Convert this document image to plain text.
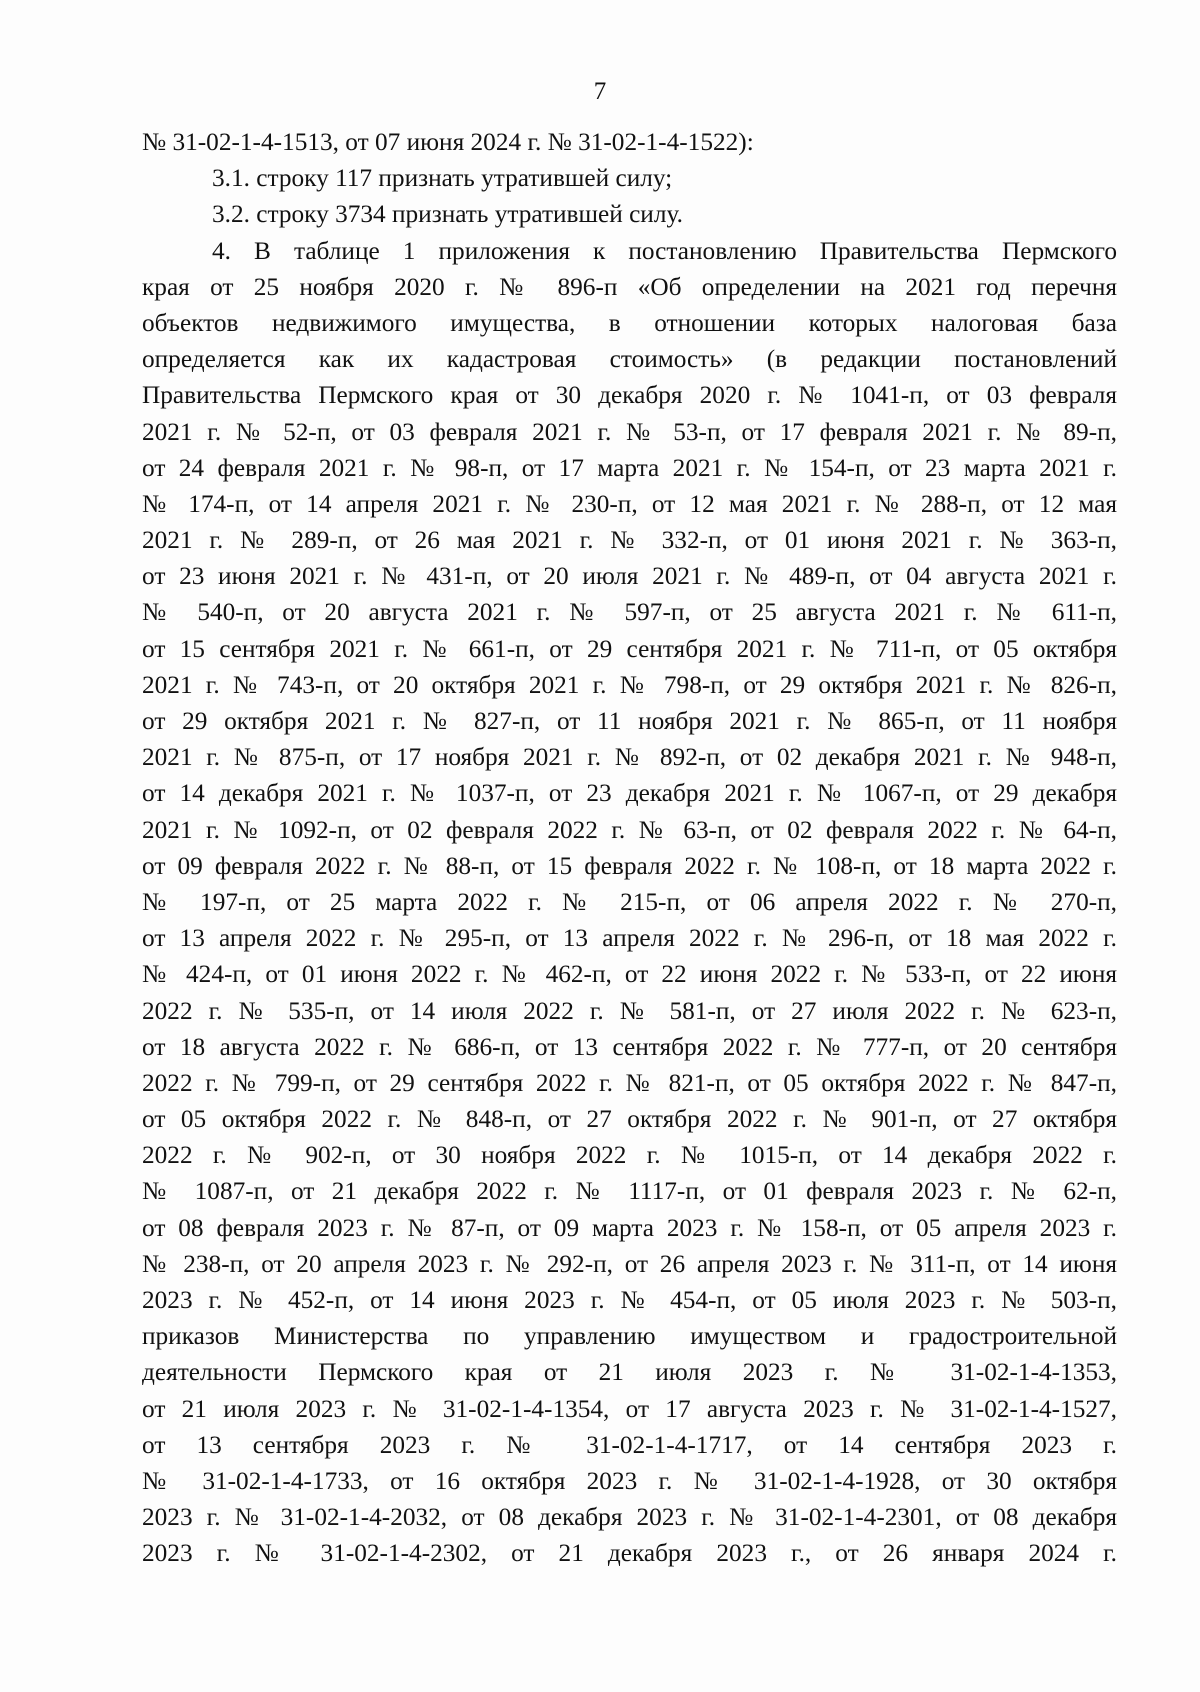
7
№ 31-02-1-4-1513, от 07 июня 2024 г. № 31-02-1-4-1522):
3.1. строку 117 признать утратившей силу;
3.2. строку 3734 признать утратившей силу.
4. В таблице 1 приложения к постановлению Правительства Пермского
края от 25 ноября 2020 г. № 896-п «Об определении на 2021 год перечня
объектов недвижимого имущества, в отношении которых налоговая база
определяется как их кадастровая стоимость» (в редакции постановлений
Правительства Пермского края от 30 декабря 2020 г. № 1041-п, от 03 февраля
2021 г. № 52-п, от 03 февраля 2021 г. № 53-п, от 17 февраля 2021 г. № 89-п,
от 24 февраля 2021 г. № 98-п, от 17 марта 2021 г. № 154-п, от 23 марта 2021 г.
№ 174-п, от 14 апреля 2021 г. № 230-п, от 12 мая 2021 г. № 288-п, от 12 мая
2021 г. № 289-п, от 26 мая 2021 г. № 332-п, от 01 июня 2021 г. № 363-п,
от 23 июня 2021 г. № 431-п, от 20 июля 2021 г. № 489-п, от 04 августа 2021 г.
№ 540-п, от 20 августа 2021 г. № 597-п, от 25 августа 2021 г. № 611-п,
от 15 сентября 2021 г. № 661-п, от 29 сентября 2021 г. № 711-п, от 05 октября
2021 г. № 743-п, от 20 октября 2021 г. № 798-п, от 29 октября 2021 г. № 826-п,
от 29 октября 2021 г. № 827-п, от 11 ноября 2021 г. № 865-п, от 11 ноября
2021 г. № 875-п, от 17 ноября 2021 г. № 892-п, от 02 декабря 2021 г. № 948-п,
от 14 декабря 2021 г. № 1037-п, от 23 декабря 2021 г. № 1067-п, от 29 декабря
2021 г. № 1092-п, от 02 февраля 2022 г. № 63-п, от 02 февраля 2022 г. № 64-п,
от 09 февраля 2022 г. № 88-п, от 15 февраля 2022 г. № 108-п, от 18 марта 2022 г.
№ 197-п, от 25 марта 2022 г. № 215-п, от 06 апреля 2022 г. № 270-п,
от 13 апреля 2022 г. № 295-п, от 13 апреля 2022 г. № 296-п, от 18 мая 2022 г.
№ 424-п, от 01 июня 2022 г. № 462-п, от 22 июня 2022 г. № 533-п, от 22 июня
2022 г. № 535-п, от 14 июля 2022 г. № 581-п, от 27 июля 2022 г. № 623-п,
от 18 августа 2022 г. № 686-п, от 13 сентября 2022 г. № 777-п, от 20 сентября
2022 г. № 799-п, от 29 сентября 2022 г. № 821-п, от 05 октября 2022 г. № 847-п,
от 05 октября 2022 г. № 848-п, от 27 октября 2022 г. № 901-п, от 27 октября
2022 г. № 902-п, от 30 ноября 2022 г. № 1015-п, от 14 декабря 2022 г.
№ 1087-п, от 21 декабря 2022 г. № 1117-п, от 01 февраля 2023 г. № 62-п,
от 08 февраля 2023 г. № 87-п, от 09 марта 2023 г. № 158-п, от 05 апреля 2023 г.
№ 238-п, от 20 апреля 2023 г. № 292-п, от 26 апреля 2023 г. № 311-п, от 14 июня
2023 г. № 452-п, от 14 июня 2023 г. № 454-п, от 05 июля 2023 г. № 503-п,
приказов Министерства по управлению имуществом и градостроительной
деятельности Пермского края от 21 июля 2023 г. № 31-02-1-4-1353,
от 21 июля 2023 г. № 31-02-1-4-1354, от 17 августа 2023 г. № 31-02-1-4-1527,
от 13 сентября 2023 г. № 31-02-1-4-1717, от 14 сентября 2023 г.
№ 31-02-1-4-1733, от 16 октября 2023 г. № 31-02-1-4-1928, от 30 октября
2023 г. № 31-02-1-4-2032, от 08 декабря 2023 г. № 31-02-1-4-2301, от 08 декабря
2023 г. № 31-02-1-4-2302, от 21 декабря 2023 г., от 26 января 2024 г.
